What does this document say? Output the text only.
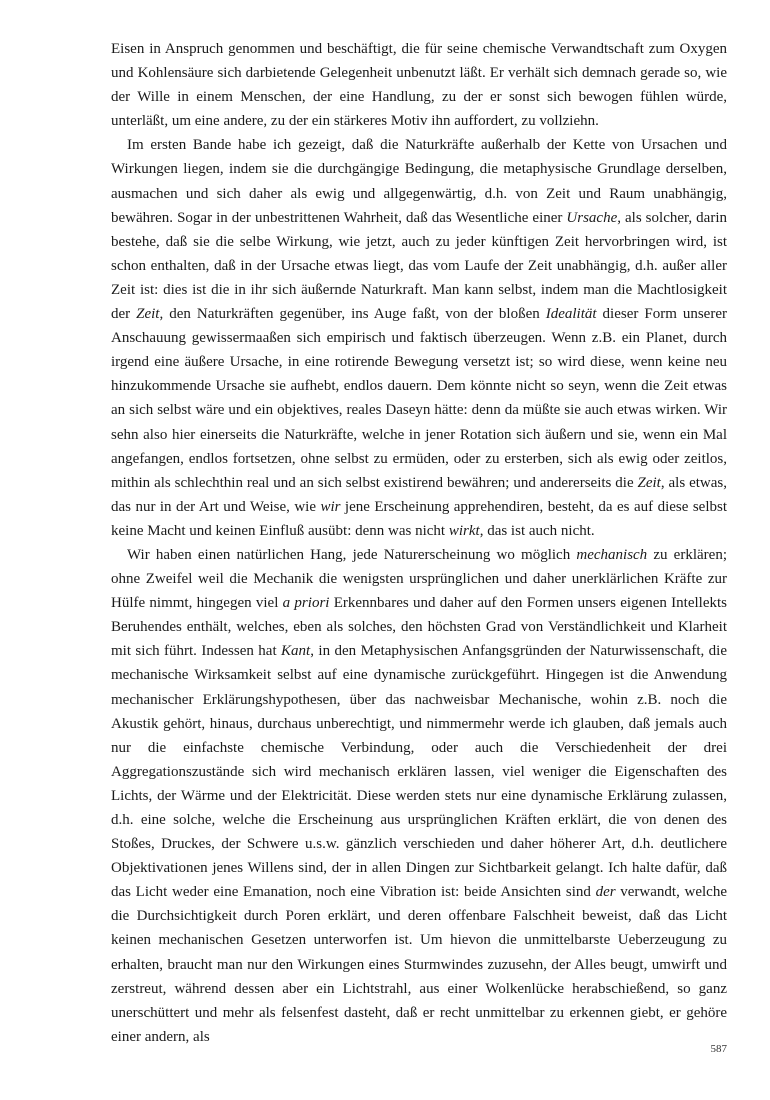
Eisen in Anspruch genommen und beschäftigt, die für seine chemische Verwandtschaft zum Oxygen und Kohlensäure sich darbietende Gelegenheit unbenutzt läßt. Er verhält sich demnach gerade so, wie der Wille in einem Menschen, der eine Handlung, zu der er sonst sich bewogen fühlen würde, unterläßt, um eine andere, zu der ein stärkeres Motiv ihn auffordert, zu vollziehn.

Im ersten Bande habe ich gezeigt, daß die Naturkräfte außerhalb der Kette von Ursachen und Wirkungen liegen, indem sie die durchgängige Bedingung, die metaphysische Grundlage derselben, ausmachen und sich daher als ewig und allgegenwärtig, d.h. von Zeit und Raum unabhängig, bewähren. Sogar in der unbestrittenen Wahrheit, daß das Wesentliche einer Ursache, als solcher, darin bestehe, daß sie die selbe Wirkung, wie jetzt, auch zu jeder künftigen Zeit hervorbringen wird, ist schon enthalten, daß in der Ursache etwas liegt, das vom Laufe der Zeit unabhängig, d.h. außer aller Zeit ist: dies ist die in ihr sich äußernde Naturkraft. Man kann selbst, indem man die Machtlosigkeit der Zeit, den Naturkräften gegenüber, ins Auge faßt, von der bloßen Idealität dieser Form unserer Anschauung gewissermaaßen sich empirisch und faktisch überzeugen. Wenn z.B. ein Planet, durch irgend eine äußere Ursache, in eine rotirende Bewegung versetzt ist; so wird diese, wenn keine neu hinzukommende Ursache sie aufhebt, endlos dauern. Dem könnte nicht so seyn, wenn die Zeit etwas an sich selbst wäre und ein objektives, reales Daseyn hätte: denn da müßte sie auch etwas wirken. Wir sehn also hier einerseits die Naturkräfte, welche in jener Rotation sich äußern und sie, wenn ein Mal angefangen, endlos fortsetzen, ohne selbst zu ermüden, oder zu ersterben, sich als ewig oder zeitlos, mithin als schlechthin real und an sich selbst existirend bewähren; und andererseits die Zeit, als etwas, das nur in der Art und Weise, wie wir jene Erscheinung apprehendiren, besteht, da es auf diese selbst keine Macht und keinen Einfluß ausübt: denn was nicht wirkt, das ist auch nicht.

Wir haben einen natürlichen Hang, jede Naturerscheinung wo möglich mechanisch zu erklären; ohne Zweifel weil die Mechanik die wenigsten ursprünglichen und daher unerklärlichen Kräfte zur Hülfe nimmt, hingegen viel a priori Erkennbares und daher auf den Formen unsers eigenen Intellekts Beruhendes enthält, welches, eben als solches, den höchsten Grad von Verständlichkeit und Klarheit mit sich führt. Indessen hat Kant, in den Metaphysischen Anfangsgründen der Naturwissenschaft, die mechanische Wirksamkeit selbst auf eine dynamische zurückgeführt. Hingegen ist die Anwendung mechanischer Erklärungshypothesen, über das nachweisbar Mechanische, wohin z.B. noch die Akustik gehört, hinaus, durchaus unberechtigt, und nimmermehr werde ich glauben, daß jemals auch nur die einfachste chemische Verbindung, oder auch die Verschiedenheit der drei Aggregationszustände sich wird mechanisch erklären lassen, viel weniger die Eigenschaften des Lichts, der Wärme und der Elektricität. Diese werden stets nur eine dynamische Erklärung zulassen, d.h. eine solche, welche die Erscheinung aus ursprünglichen Kräften erklärt, die von denen des Stoßes, Druckes, der Schwere u.s.w. gänzlich verschieden und daher höherer Art, d.h. deutlichere Objektivationen jenes Willens sind, der in allen Dingen zur Sichtbarkeit gelangt. Ich halte dafür, daß das Licht weder eine Emanation, noch eine Vibration ist: beide Ansichten sind der verwandt, welche die Durchsichtigkeit durch Poren erklärt, und deren offenbare Falschheit beweist, daß das Licht keinen mechanischen Gesetzen unterworfen ist. Um hievon die unmittelbarste Ueberzeugung zu erhalten, braucht man nur den Wirkungen eines Sturmwindes zuzusehn, der Alles beugt, umwirft und zerstreut, während dessen aber ein Lichtstrahl, aus einer Wolkenlücke herabschießend, so ganz unerschüttert und mehr als felsenfest dasteht, daß er recht unmittelbar zu erkennen giebt, er gehöre einer andern, als

587
